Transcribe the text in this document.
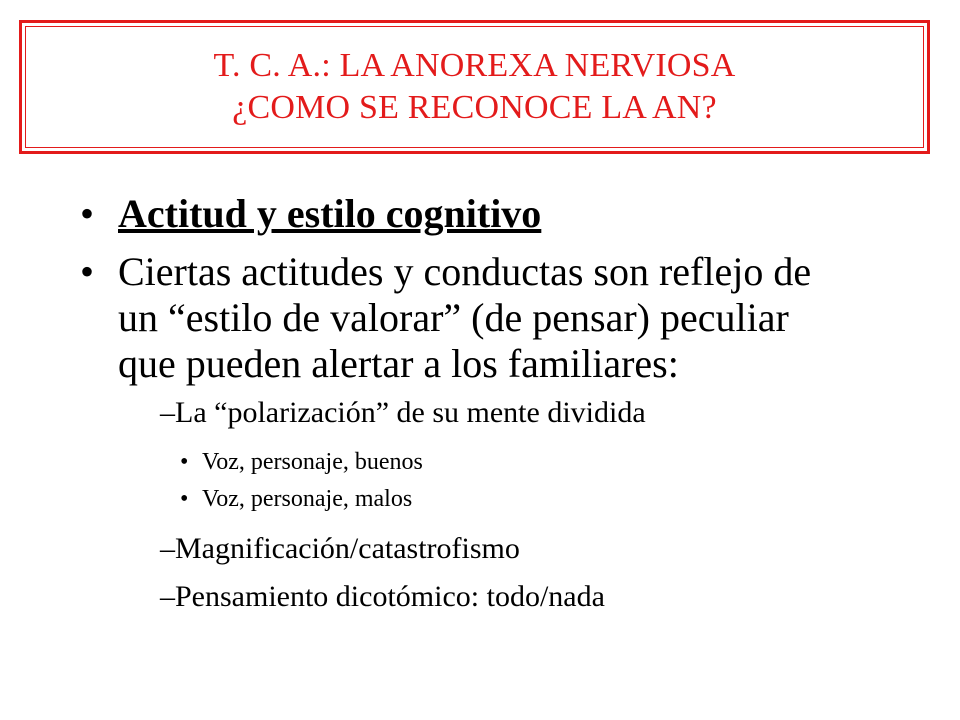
T. C. A.: LA ANOREXA NERVIOSA
¿COMO SE RECONOCE LA AN?
• Actitud y estilo cognitivo
• Ciertas actitudes y conductas son reflejo de
un “estilo de valorar” (de pensar) peculiar
que pueden alertar a los familiares:
–La “polarización” de su mente dividida
• Voz, personaje, buenos
• Voz, personaje, malos
–Magnificación/catastrofismo
–Pensamiento dicotómico: todo/nada
